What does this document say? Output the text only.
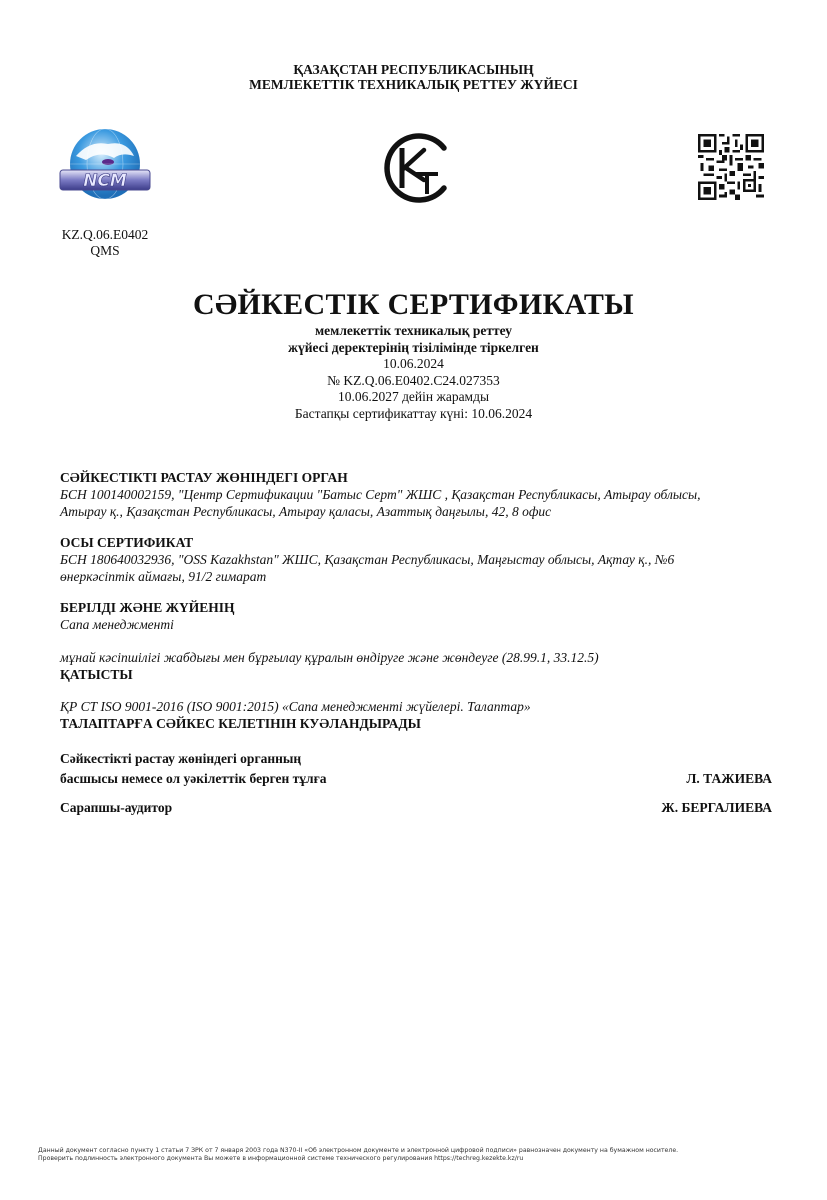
ҚАЗАҚСТАН РЕСПУБЛИКАСЫНЫҢ
МЕМЛЕКЕТТІК ТЕХНИКАЛЫҚ РЕТТЕУ ЖҮЙЕСІ
NCM
KZ.Q.06.E0402
QMS
СӘЙКЕСТІК СЕРТИФИКАТЫ
мемлекеттік техникалық реттеу
жүйесі деректерінің тізілімінде тіркелген
10.06.2024
№ KZ.Q.06.E0402.C24.027353
10.06.2027 дейін жарамды
Бастапқы сертификаттау күні: 10.06.2024
СӘЙКЕСТІКТІ РАСТАУ ЖӨНІНДЕГІ ОРГАН
БСН 100140002159, "Центр Сертификации "Батыс Серт" ЖШС , Қазақстан Республикасы, Атырау облысы,
Атырау қ., Қазақстан Республикасы, Атырау қаласы, Азаттық даңғылы, 42, 8 офис
ОСЫ СЕРТИФИКАТ
БСН 180640032936, "OSS Kazakhstan" ЖШС, Қазақстан Республикасы, Маңғыстау облысы, Ақтау қ., №6
өнеркәсіптік аймағы, 91/2 гимарат
БЕРІЛДІ ЖӘНЕ ЖҮЙЕНІҢ
Сапа менеджменті
мұнай кәсіпшілігі жабдығы мен бұрғылау құралын өндіруге және жөндеуге (28.99.1, 33.12.5)
ҚАТЫСТЫ
ҚР СТ ISO 9001-2016 (ISO 9001:2015) «Сапа менеджменті жүйелері. Талаптар»
ТАЛАПТАРҒА СӘЙКЕС КЕЛЕТІНІН КУӘЛАНДЫРАДЫ
Сәйкестікті растау жөніндегі органның
басшысы немесе ол уәкілеттік берген тұлға	Л. ТАЖИЕВА
Сарапшы-аудитор	Ж. БЕРГАЛИЕВА
Данный документ согласно пункту 1 статьи 7 ЗРК от 7 января 2003 года N370-II «Об электронном документе и электронной цифровой подписи» равнозначен документу на бумажном носителе.
Проверить подлинность электронного документа Вы можете в информационной системе технического регулирования https://techreg.kezekte.kz/ru
